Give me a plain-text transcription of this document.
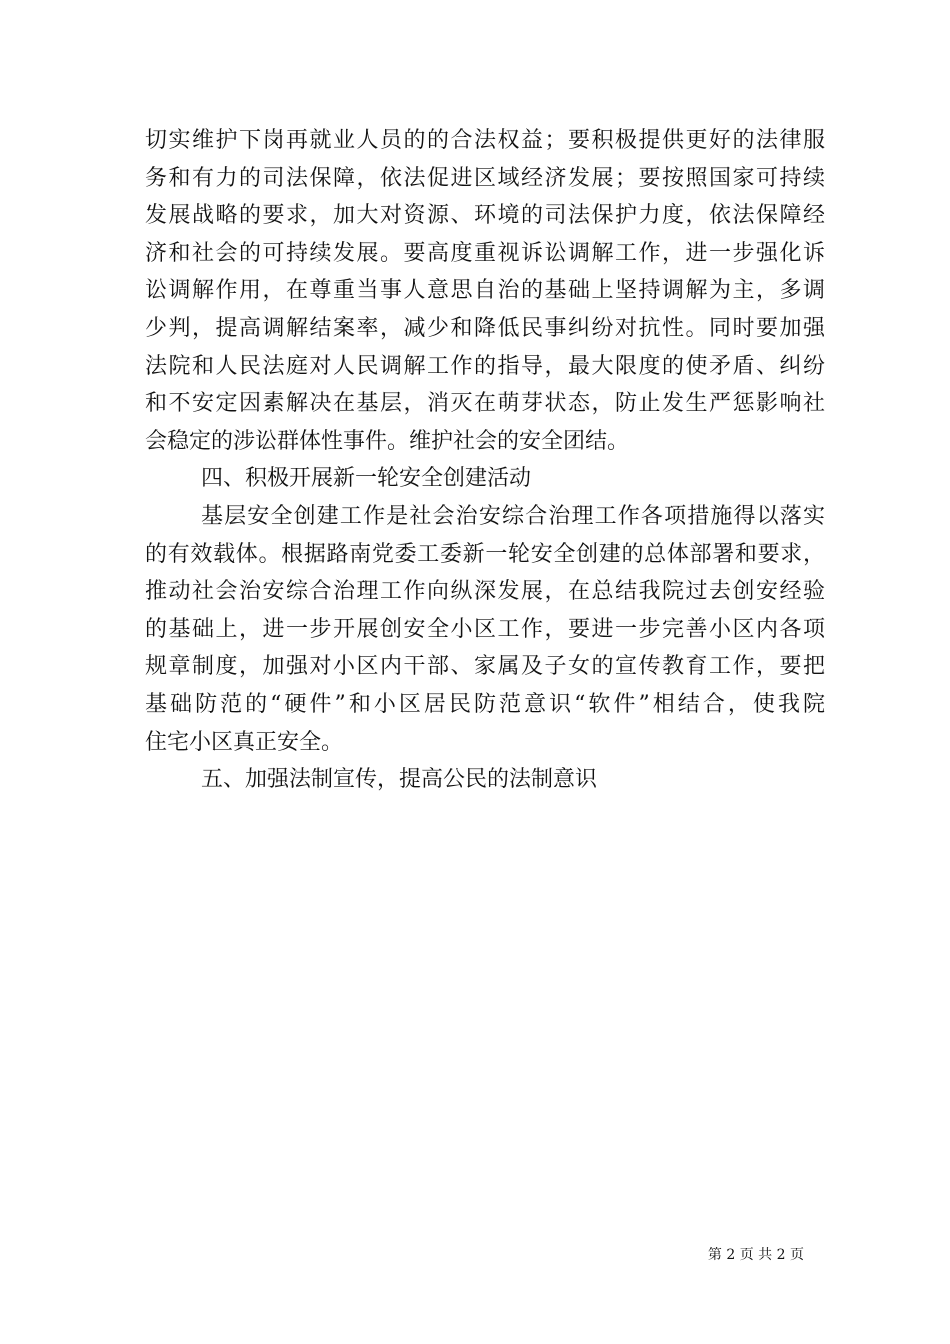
切实维护下岗再就业人员的的合法权益；要积极提供更好的法律服
务和有力的司法保障，依法促进区域经济发展；要按照国家可持续
发展战略的要求，加大对资源、环境的司法保护力度，依法保障经
济和社会的可持续发展。要高度重视诉讼调解工作，进一步强化诉
讼调解作用，在尊重当事人意思自治的基础上坚持调解为主，多调
少判，提高调解结案率，减少和降低民事纠纷对抗性。同时要加强
法院和人民法庭对人民调解工作的指导，最大限度的使矛盾、纠纷
和不安定因素解决在基层，消灭在萌芽状态，防止发生严惩影响社
会稳定的涉讼群体性事件。维护社会的安全团结。
四、积极开展新一轮安全创建活动
基层安全创建工作是社会治安综合治理工作各项措施得以落实
的有效载体。根据路南党委工委新一轮安全创建的总体部署和要求，
推动社会治安综合治理工作向纵深发展，在总结我院过去创安经验
的基础上，进一步开展创安全小区工作，要进一步完善小区内各项
规章制度，加强对小区内干部、家属及子女的宣传教育工作，要把
基础防范的“硬件”和小区居民防范意识“软件”相结合，使我院
住宅小区真正安全。
五、加强法制宣传，提高公民的法制意识
第 2 页 共 2 页
